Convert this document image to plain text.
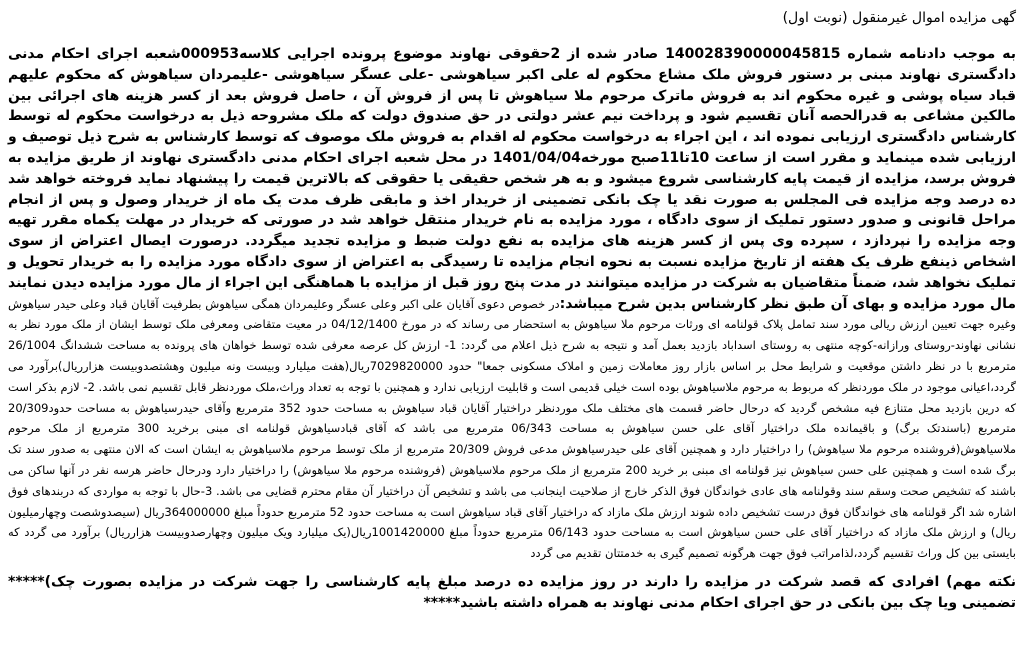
گهی مزایده اموال غیرمنقول (نوبت اول)

به موجب دادنامه شماره 140028390000045815 صادر شده از 2حقوقی نهاوند موضوع پرونده اجرایی کلاسه000953شعبه اجرای احکام مدنی دادگستری نهاوند مبنی بر دستور فروش ملک مشاع محکوم له علی اکبر سیاهوشی -علی عسگر سیاهوشی -علیمردان سیاهوش که محکوم علیهم قباد سیاه پوشی و غیره محکوم اند به فروش ماترک مرحوم ملا سیاهوش تا پس از فروش آن ، حاصل فروش بعد از کسر هزینه های اجرائی بین مالکین مشاعی به قدرالحصه آنان تقسیم شود و پرداخت نیم عشر دولتی در حق صندوق دولت که ملک مشروحه ذیل به درخواست محکوم له توسط کارشناس دادگستری ارزیابی نموده اند ، این اجراء به درخواست محکوم له اقدام به فروش ملک موصوف که توسط کارشناس به شرح ذیل توصیف و ارزیابی شده مینماید و مقرر است از ساعت 10تا11صبح مورخه1401/04/04 در محل شعبه اجرای احکام مدنی دادگستری نهاوند از طریق مزایده به فروش برسد، مزایده از قیمت پایه کارشناسی شروع میشود و به هر شخص حقیقی یا حقوقی که بالاترین قیمت را پیشنهاد نماید فروخته خواهد شد ده درصد وجه مزایده فی المجلس به صورت نقد یا چک بانکی تضمینی از خریدار اخذ و مابقی ظرف مدت یک ماه از خریدار وصول و پس از انجام مراحل قانونی و صدور دستور تملیک از سوی دادگاه ، مورد مزایده به نام خریدار منتقل خواهد شد در صورتی که خریدار در مهلت یکماه مقرر تهیه وجه مزایده را نپردازد ، سپرده وی پس از کسر هزینه های مزایده به نفع دولت ضبط و مزایده تجدید میگردد. درصورت ایصال اعتراض از سوی اشخاص ذینفع ظرف یک هفته از تاریخ مزایده نسبت به نحوه انجام مزایده تا رسیدگی به اعتراض از سوی دادگاه مورد مزایده را به خریدار تحویل و تملیک نخواهد شد، ضمناً متقاضیان به شرکت در مزایده میتوانند در مدت پنج روز قبل از مزایده با هماهنگی این اجراء از مال مورد مزایده دیدن نمایند مال مورد مزایده و بهای آن طبق نظر کارشناس بدین شرح میباشد:در خصوص دعوی آقایان علی اکبر وعلی عسگر وعلیمردان همگی سیاهوش بطرفیت آقایان قباد وعلی حیدر سیاهوش وغیره جهت تعیین ارزش ریالی مورد سند تمامل پلاک قولنامه ای ورثات مرحوم ملا سیاهوش به استحضار می رساند که در مورخ 04/12/1400 در معیت متقاضی ومعرفی ملک توسط ایشان از ملک مورد نظر به نشانی نهاوند-روستای ورازانه-کوچه منتهی به روستای اسداباد بازدید بعمل آمد و نتیجه به شرح ذیل اعلام می گردد: 1- ارزش کل عرصه معرفی شده توسط خواهان های پرونده به مساحت ششدانگ 26/1004 مترمربع با در نظر داشتن موقعیت و شرایط محل بر اساس بازار روز معاملات زمین و املاک مسکونی جمعا" حدود 7029820000ریال(هفت میلیارد وبیست ونه میلیون وهشتصدوبیست هزارریال)برآورد می گردد،اعیانی موجود در ملک موردنظر که مربوط به مرحوم ملاسیاهوش بوده است خیلی قدیمی است و قابلیت ارزیابی ندارد و همچنین با توجه به تعداد وراث،ملک موردنظر قابل تقسیم نمی باشد. 2- لازم بذکر است که درین بازدید محل متنازع فیه مشخص گردید که درحال حاضر قسمت های مختلف ملک موردنظر دراختیار آقایان قباد سیاهوش به مساحت حدود 352 مترمربع وآقای حیدرسیاهوش به مساحت حدود20/309 مترمربع (باسندتک برگ) و باقیمانده ملک دراختیار آقای علی حسن سیاهوش به مساحت 06/343 مترمربع می باشد که آقای قبادسیاهوش قولنامه ای مبنی برخرید 300 مترمربع از ملک مرحوم ملاسیاهوش(فروشنده مرحوم ملا سیاهوش) را دراختیار دارد و همچنین آقای علی حیدرسیاهوش مدعی فروش 20/309 مترمربع از ملک توسط مرحوم ملاسیاهوش به ایشان است که الان منتهی به صدور سند تک برگ شده است و همچنین علی حسن سیاهوش نیز قولنامه ای مبنی بر خرید 200 مترمربع از ملک مرحوم ملاسیاهوش (فروشنده مرحوم ملا سیاهوش) را دراختیار دارد ودرحال حاضر هرسه نفر در آنها ساکن می باشند که تشخیص صحت وسقم سند وقولنامه های عادی خواندگان فوق الذکر خارج از صلاحیت اینجانب می باشد و تشخیص آن دراختیار آن مقام محترم قضایی می باشد. 3-حال با توجه به مواردی که دربندهای فوق اشاره شد اگر قولنامه های خواندگان فوق درست تشخیص داده شوند ارزش ملک مازاد که دراختیار آقای قباد سیاهوش است به مساحت حدود 52 مترمربع حدوداً مبلغ 364000000ریال (سیصدوشصت وچهارمیلیون ریال) و ارزش ملک مازاد که دراختیار آقای علی حسن سیاهوش است به مساحت حدود 06/143 مترمربع حدوداً مبلغ 1001420000ریال(یک میلیارد ویک میلیون وچهارصدوبیست هزارریال) برآورد می گردد که بایستی بین کل وراث تقسیم گردد،لذامراتب فوق جهت هرگونه تصمیم گیری به خدمتتان تقدیم می گردد

نکته مهم) افرادی که قصد شرکت در مزایده را دارند در روز مزایده ده درصد مبلغ پایه کارشناسی را جهت شرکت در مزایده بصورت چک)***** تضمینی ویا چک بین بانکی در حق اجرای احکام مدنی نهاوند به همراه داشته باشید*****
